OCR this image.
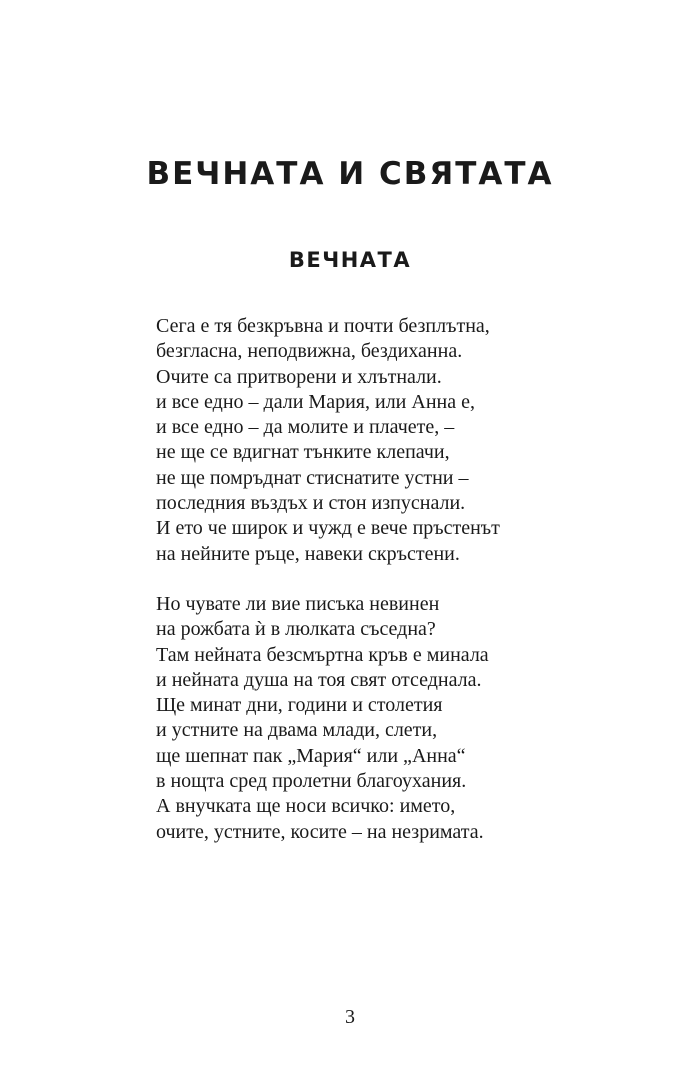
ВЕЧНАТА И СВЯТАТА
ВЕЧНАТА
Сега е тя безкръвна и почти безплътна,
безгласна, неподвижна, бездиханна.
Очите са притворени и хлътнали.
и все едно – дали Мария, или Анна е,
и все едно – да молите и плачете, –
не ще се вдигнат тънките клепачи,
не ще помръднат стиснатите устни –
последния въздъх и стон изпуснали.
И ето че широк и чужд е вече пръстенът
на нейните ръце, навеки скръстени.
Но чувате ли вие писъка невинен
на рожбата ѝ в люлката съседна?
Там нейната безсмъртна кръв е минала
и нейната душа на тоя свят отседнала.
Ще минат дни, години и столетия
и устните на двама млади, слети,
ще шепнат пак „Мария“ или „Анна“
в нощта сред пролетни благоухания.
А внучката ще носи всичко: името,
очите, устните, косите – на незримата.
3
